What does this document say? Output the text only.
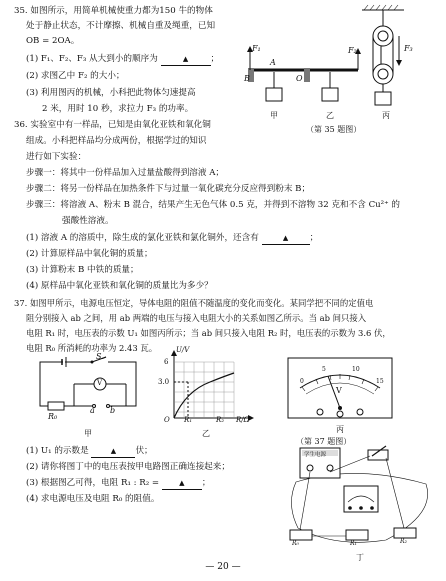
35. 如图所示，用简单机械使重力都为150 牛的物体
处于静止状态，不计摩擦、机械自重及绳重，已知
OB = 2OA。
(1) F₁、F₂、F₃ 从大到小的顺序为	▲	；
(2) 求图乙中 F₂ 的大小；
(3) 利用图丙的机械，小科把此物体匀速提高
2 米，用时 10 秒，求拉力 F₃ 的功率。
F₁
A
B	O
F₂	F₃
甲	乙	丙
（第 35 题图）
36. 实验室中有一样品，已知是由氧化亚铁和氧化铜
组成。小科把样品均分成两份，根据学过的知识
进行如下实验：
步骤一：将其中一份样品加入过量盐酸得到溶液 A；
步骤二：将另一份样品在加热条件下与过量一氧化碳充分反应得到粉末 B；
步骤三：将溶液 A、粉末 B 混合，结果产生无色气体 0.5 克，并得到不溶物 32 克和不含 Cu²⁺ 的
强酸性溶液。
(1) 溶液 A 的溶质中，除生成的氯化亚铁和氯化铜外，还含有	▲ ；
(2) 计算原样品中氧化铜的质量；
(3) 计算粉末 B 中铁的质量；
(4) 原样品中氧化亚铁和氧化铜的质量比为多少？
37. 如图甲所示，电源电压恒定，导体电阻的阻值不随温度的变化而变化。某同学把不同的定值电
阻分别接入 ab 之间，用 ab 两端的电压与接入电阻大小的关系如图乙所示。当 ab 间只接入
电阻 R₁ 时，电压表的示数 U₁ 如图丙所示；当 ab 间只接入电阻 R₂ 时，电压表的示数为 3.6 伏，
电阻 R₀ 所消耗的功率为 2.43 瓦。
S
V
R₀
a b
甲
U/V
6
3.0
O R₁	R₂ R/Ω
乙
0
5	10
15
V
丙
（第 37 题图）
(1) U₁ 的示数是	▲ 伏；
(2) 请你将图丁中的电压表按甲电路图正确连接起来；
(3) 根据图乙可得，电阻 R₁ : R₂ =	▲ ；
(4) 求电源电压及电阻 R₀ 的阻值。
学生电源
R₀	R₁	R₂
丁
— 20 —
